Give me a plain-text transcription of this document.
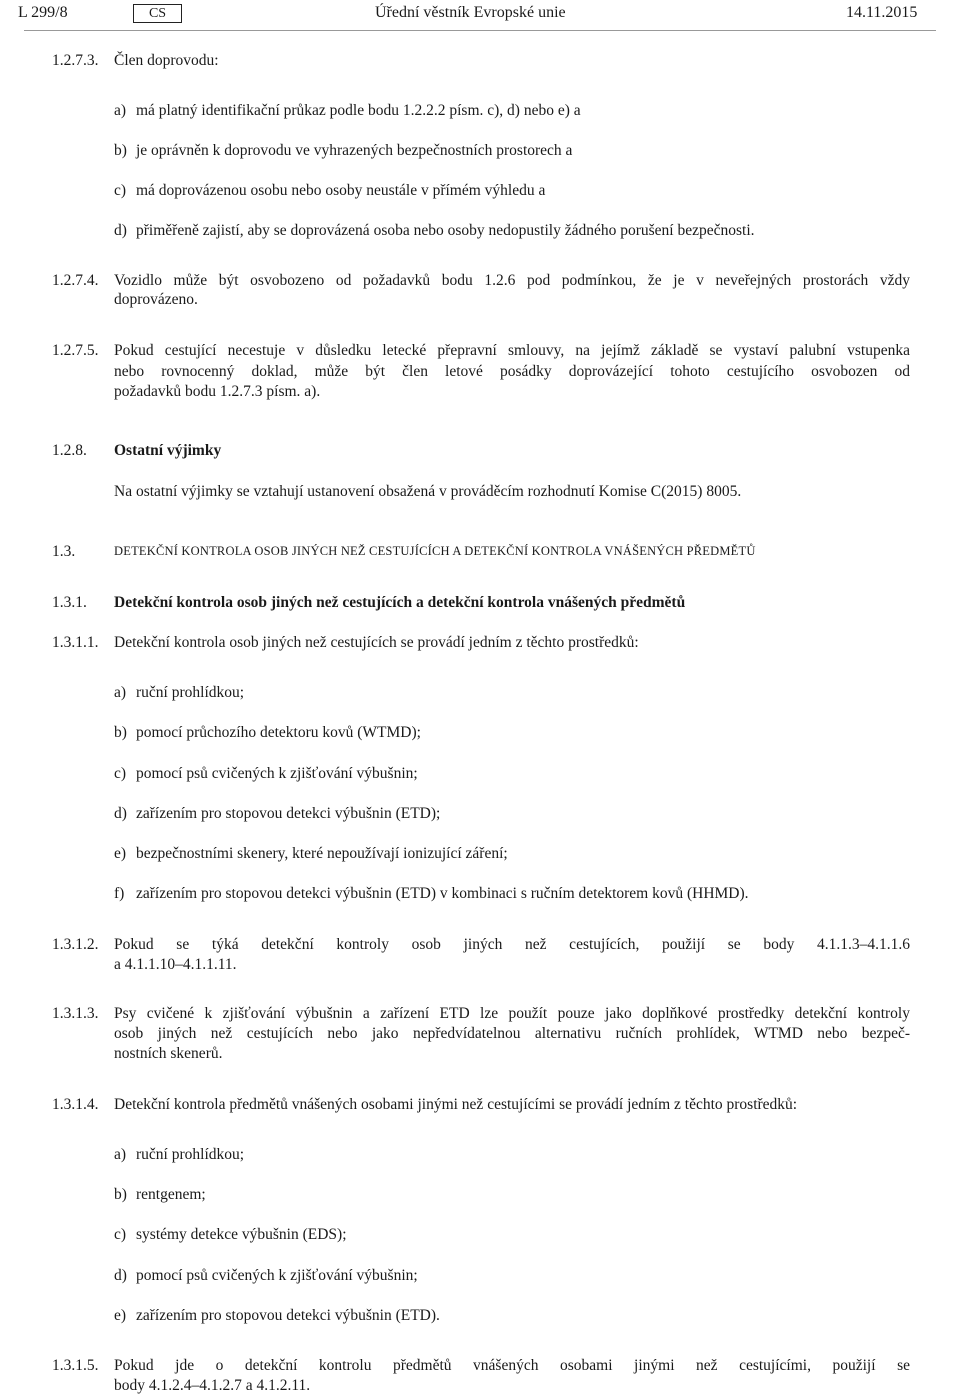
L 299/8	CS	Úřední věstník Evropské unie	14.11.2015
1.2.7.3. Člen doprovodu:
a) má platný identifikační průkaz podle bodu 1.2.2.2 písm. c), d) nebo e) a
b) je oprávněn k doprovodu ve vyhrazených bezpečnostních prostorech a
c) má doprovázenou osobu nebo osoby neustále v přímém výhledu a
d) přiměřeně zajistí, aby se doprovázená osoba nebo osoby nedopustily žádného porušení bezpečnosti.
1.2.7.4. Vozidlo může být osvobozeno od požadavků bodu 1.2.6 pod podmínkou, že je v neveřejných prostorách vždy
doprovázeno.
1.2.7.5. Pokud cestující necestuje v důsledku letecké přepravní smlouvy, na jejímž základě se vystaví palubní vstupenka
nebo rovnocenný doklad, může být člen letové posádky doprovázející tohoto cestujícího osvobozen od
požadavků bodu 1.2.7.3 písm. a).
1.2.8. Ostatní výjimky
Na ostatní výjimky se vztahují ustanovení obsažená v prováděcím rozhodnutí Komise C(2015) 8005.
1.3.	DETEKČNÍ KONTROLA OSOB JINÝCH NEŽ CESTUJÍCÍCH A DETEKČNÍ KONTROLA VNÁŠENÝCH PŘEDMĚTŮ
1.3.1. Detekční kontrola osob jiných než cestujících a detekční kontrola vnášených předmětů
1.3.1.1. Detekční kontrola osob jiných než cestujících se provádí jedním z těchto prostředků:
a) ruční prohlídkou;
b) pomocí průchozího detektoru kovů (WTMD);
c) pomocí psů cvičených k zjišťování výbušnin;
d) zařízením pro stopovou detekci výbušnin (ETD);
e) bezpečnostními skenery, které nepoužívají ionizující záření;
f) zařízením pro stopovou detekci výbušnin (ETD) v kombinaci s ručním detektorem kovů (HHMD).
1.3.1.2. Pokud se týká detekční kontroly osob jiných než cestujících, použijí se body 4.1.1.3–4.1.1.6
a 4.1.1.10–4.1.1.11.
1.3.1.3. Psy cvičené k zjišťování výbušnin a zařízení ETD lze použít pouze jako doplňkové prostředky detekční kontroly
osob jiných než cestujících nebo jako nepředvídatelnou alternativu ručních prohlídek, WTMD nebo bezpeč-
nostních skenerů.
1.3.1.4. Detekční kontrola předmětů vnášených osobami jinými než cestujícími se provádí jedním z těchto prostředků:
a) ruční prohlídkou;
b) rentgenem;
c) systémy detekce výbušnin (EDS);
d) pomocí psů cvičených k zjišťování výbušnin;
e) zařízením pro stopovou detekci výbušnin (ETD).
1.3.1.5. Pokud jde o detekční kontrolu předmětů vnášených osobami jinými než cestujícími, použijí se
body 4.1.2.4–4.1.2.7 a 4.1.2.11.
